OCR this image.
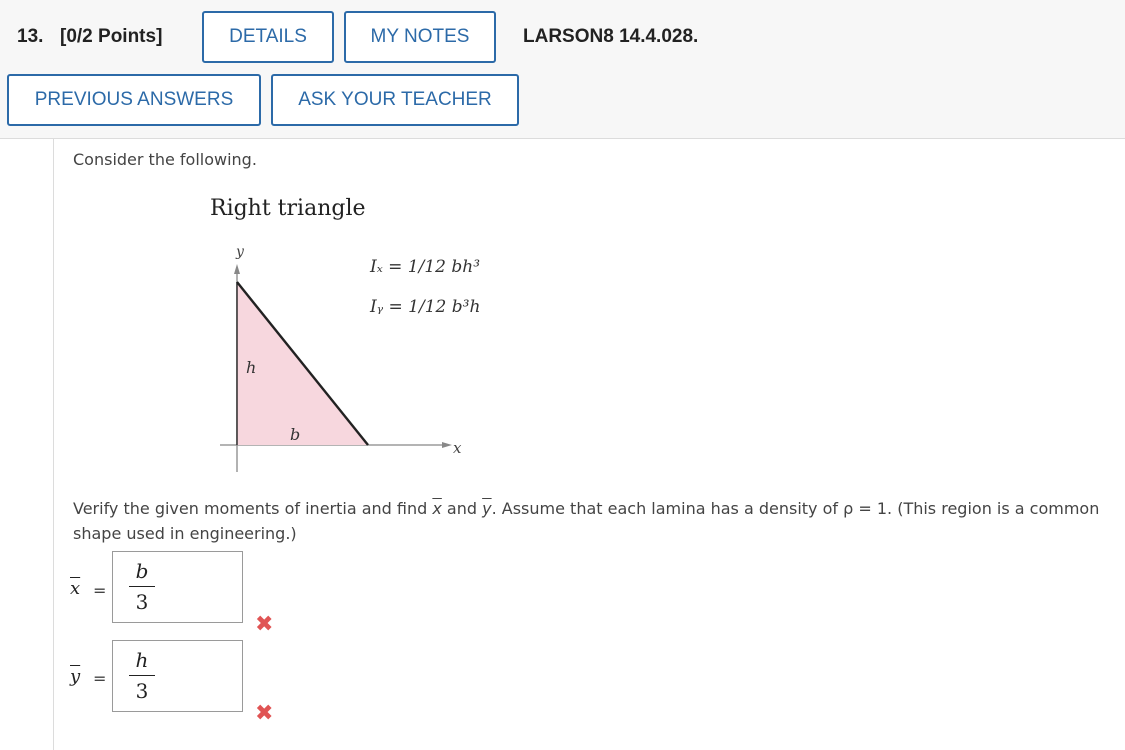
13. [0/2 Points]	DETAILS	MY NOTES	LARSON8 14.4.028.
PREVIOUS ANSWERS	ASK YOUR TEACHER
Consider the following.
Right triangle
y
x
h
b
Iₓ = 1/12 bh³
Iᵧ = 1/12 b³h
Verify the given moments of inertia and find $\overline{x}$ and $\overline{y}$. Assume that each lamina has a density of ρ = 1. (This region is a common shape used in engineering.)
$\overline{x}$ =
b
3
✖
$\overline{y}$ =
h
3
✖
